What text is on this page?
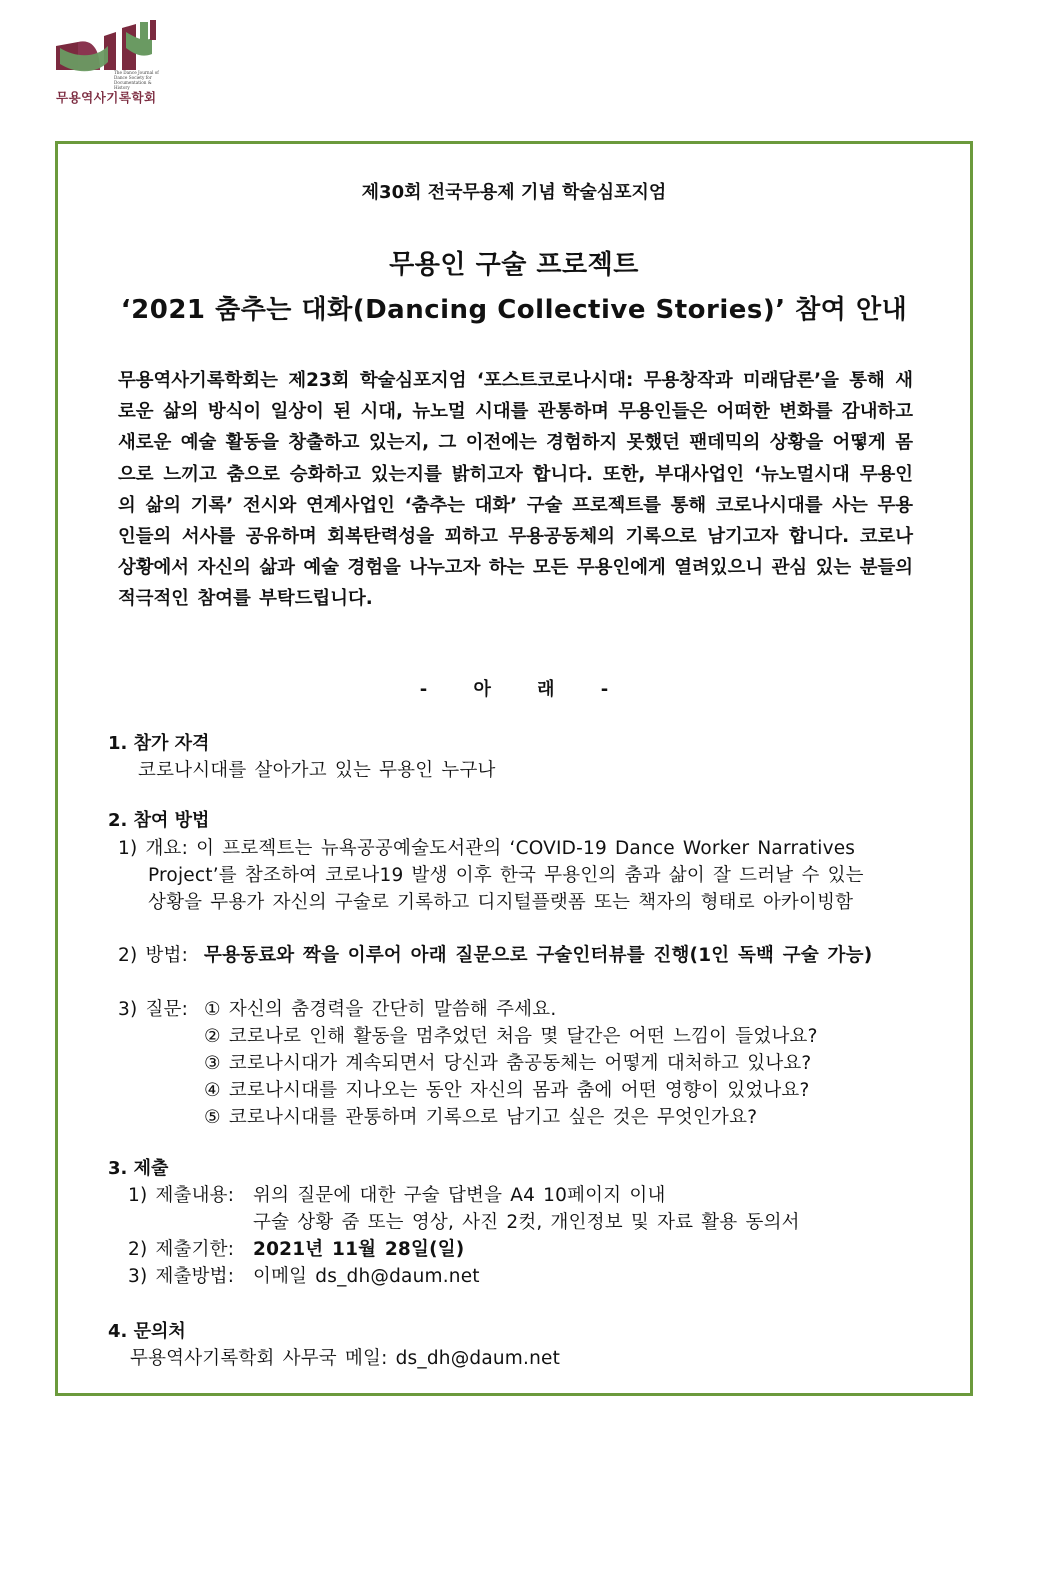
The Dance Journal of
Dance Society for
Documentation & History
무용역사기록학회
제30회 전국무용제 기념 학술심포지엄
무용인 구술 프로젝트
‘2021 춤추는 대화(Dancing Collective Stories)’ 참여 안내
무용역사기록학회는 제23회 학술심포지엄 ‘포스트코로나시대: 무용창작과 미래담론’을 통해 새로운 삶의 방식이 일상이 된 시대, 뉴노멀 시대를 관통하며 무용인들은 어떠한 변화를 감내하고 새로운 예술 활동을 창출하고 있는지, 그 이전에는 경험하지 못했던 팬데믹의 상황을 어떻게 몸으로 느끼고 춤으로 승화하고 있는지를 밝히고자 합니다. 또한, 부대사업인 ‘뉴노멀시대 무용인의 삶의 기록’ 전시와 연계사업인 ‘춤추는 대화’ 구술 프로젝트를 통해 코로나시대를 사는 무용인들의 서사를 공유하며 회복탄력성을 꾀하고 무용공동체의 기록으로 남기고자 합니다. 코로나 상황에서 자신의 삶과 예술 경험을 나누고자 하는 모든 무용인에게 열려있으니 관심 있는 분들의 적극적인 참여를 부탁드립니다.
- 아 래 -
1. 참가 자격
코로나시대를 살아가고 있는 무용인 누구나
2. 참여 방법
1) 개요: 이 프로젝트는 뉴욕공공예술도서관의 ‘COVID-19 Dance Worker Narratives
Project’를 참조하여 코로나19 발생 이후 한국 무용인의 춤과 삶이 잘 드러날 수 있는
상황을 무용가 자신의 구술로 기록하고 디지털플랫폼 또는 책자의 형태로 아카이빙함
2) 방법: 무용동료와 짝을 이루어 아래 질문으로 구술인터뷰를 진행(1인 독백 구술 가능)
3) 질문: ① 자신의 춤경력을 간단히 말씀해 주세요.
② 코로나로 인해 활동을 멈추었던 처음 몇 달간은 어떤 느낌이 들었나요?
③ 코로나시대가 계속되면서 당신과 춤공동체는 어떻게 대처하고 있나요?
④ 코로나시대를 지나오는 동안 자신의 몸과 춤에 어떤 영향이 있었나요?
⑤ 코로나시대를 관통하며 기록으로 남기고 싶은 것은 무엇인가요?
3. 제출
1) 제출내용: 위의 질문에 대한 구술 답변을 A4 10페이지 이내
구술 상황 줌 또는 영상, 사진 2컷, 개인정보 및 자료 활용 동의서
2) 제출기한: 2021년 11월 28일(일)
3) 제출방법: 이메일 ds_dh@daum.net
4. 문의처
무용역사기록학회 사무국 메일: ds_dh@daum.net
